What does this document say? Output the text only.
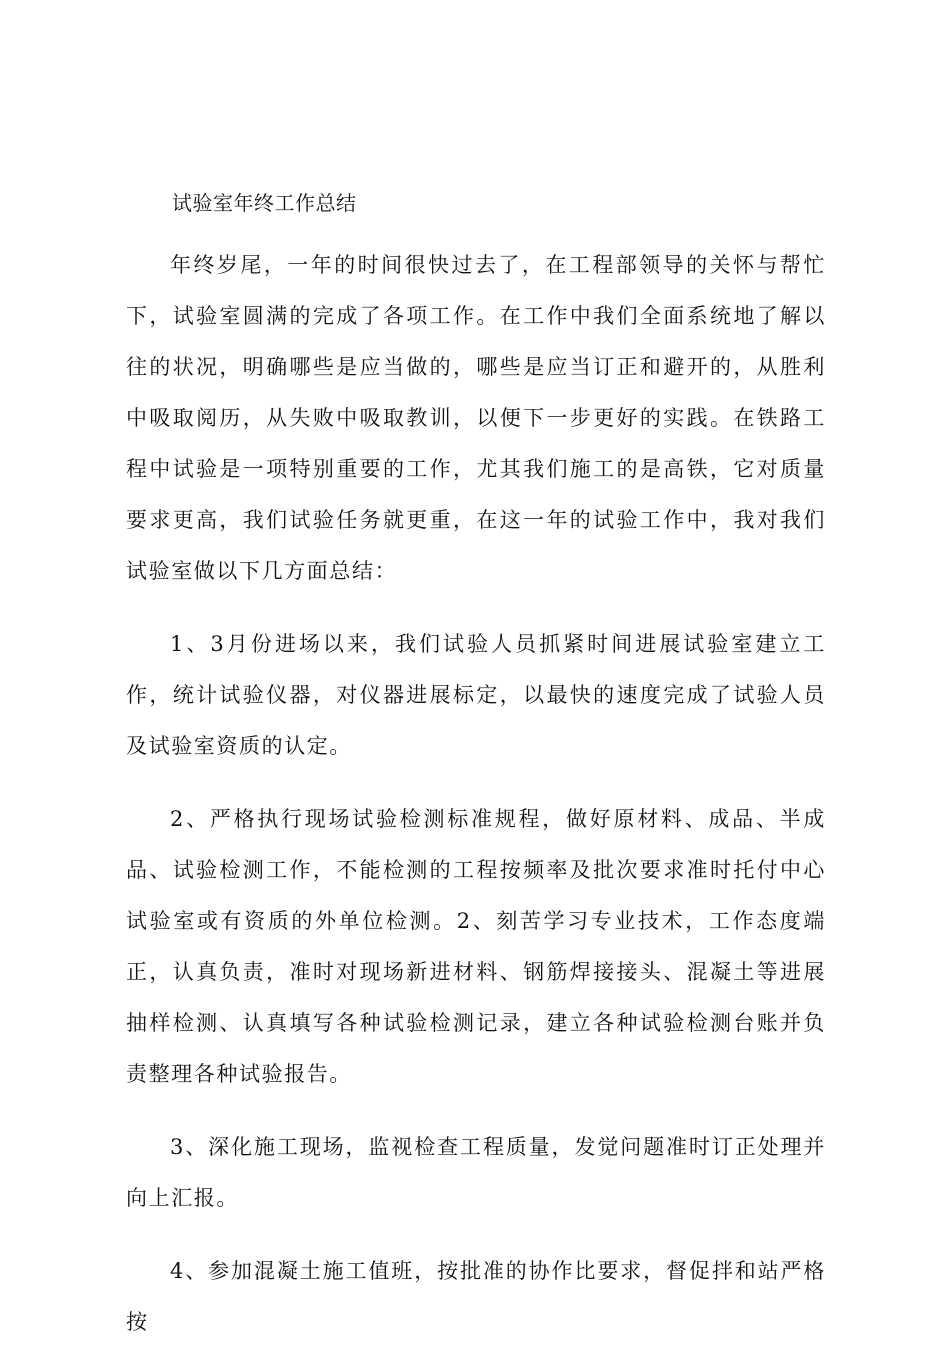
试验室年终工作总结

年终岁尾，一年的时间很快过去了，在工程部领导的关怀与帮忙下，试验室圆满的完成了各项工作。在工作中我们全面系统地了解以往的状况，明确哪些是应当做的，哪些是应当订正和避开的，从胜利中吸取阅历，从失败中吸取教训，以便下一步更好的实践。在铁路工程中试验是一项特别重要的工作，尤其我们施工的是高铁，它对质量要求更高，我们试验任务就更重，在这一年的试验工作中，我对我们试验室做以下几方面总结：

1、3月份进场以来，我们试验人员抓紧时间进展试验室建立工作，统计试验仪器，对仪器进展标定，以最快的速度完成了试验人员及试验室资质的认定。

2、严格执行现场试验检测标准规程，做好原材料、成品、半成品、试验检测工作，不能检测的工程按频率及批次要求准时托付中心试验室或有资质的外单位检测。2、刻苦学习专业技术，工作态度端正，认真负责，准时对现场新进材料、钢筋焊接接头、混凝土等进展抽样检测、认真填写各种试验检测记录，建立各种试验检测台账并负责整理各种试验报告。

3、深化施工现场，监视检查工程质量，发觉问题准时订正处理并向上汇报。

4、参加混凝土施工值班，按批准的协作比要求，督促拌和站严格按
